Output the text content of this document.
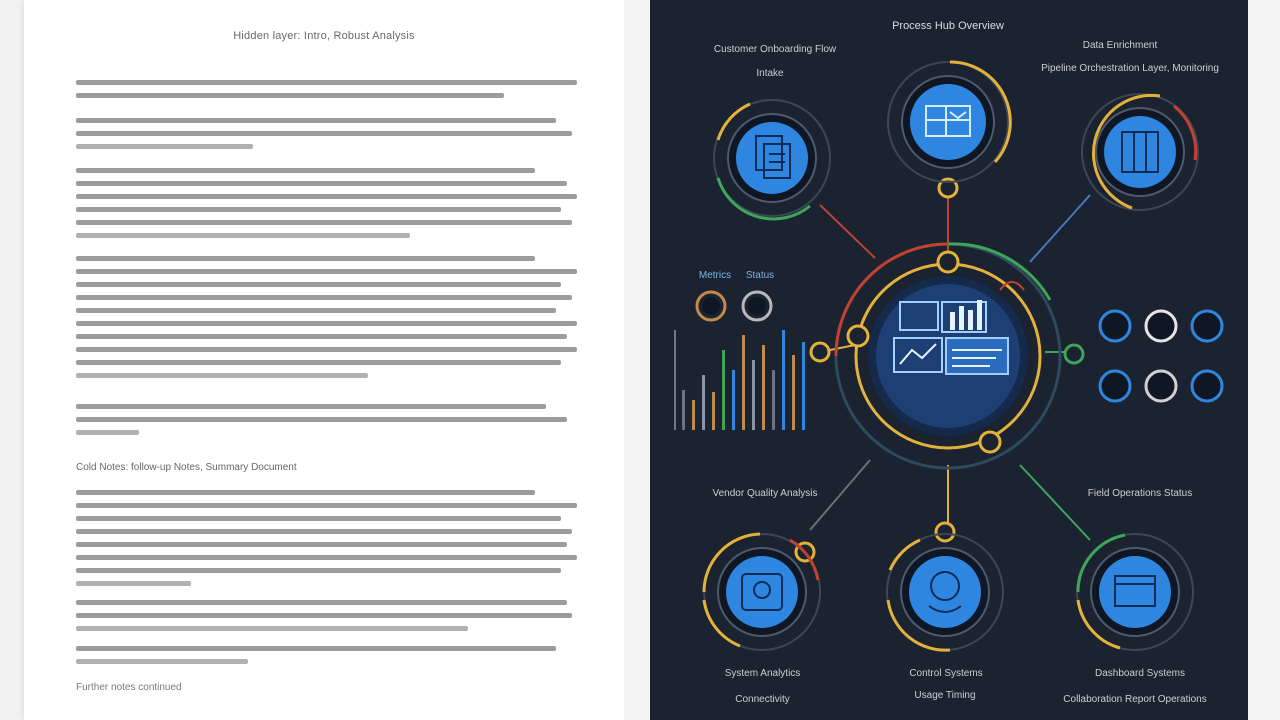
Hidden layer: Intro, Robust Analysis
Cold Notes: follow-up Notes, Summary Document
Further notes continued
Process Hub Overview
Customer Onboarding Flow
Intake
Data Enrichment
Pipeline Orchestration Layer, Monitoring
Metrics	Status
Vendor Quality Analysis	Field Operations Status
System Analytics
Connectivity
Control Systems
Usage Timing
Dashboard Systems
Collaboration Report Operations
